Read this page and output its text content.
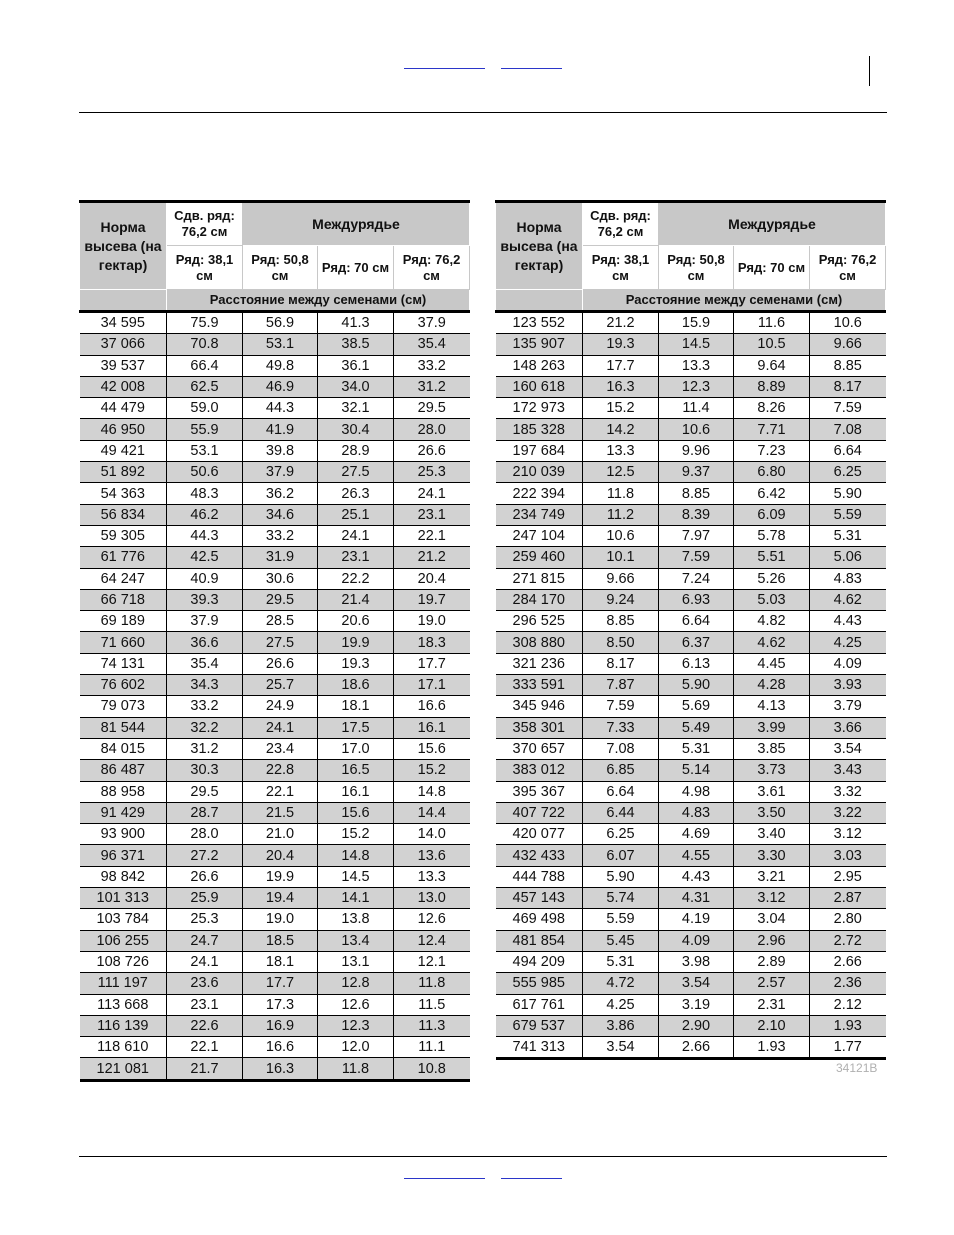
Норма высева (на гектар)	Сдв. ряд: 76,2 см	Междурядье		
	Ряд: 38,1 см	Ряд: 50,8 см	Ряд: 70 см	Ряд: 76,2 см
	Расстояние между семенами (см)			
34 595	75.9	56.9	41.3	37.9
37 066	70.8	53.1	38.5	35.4
39 537	66.4	49.8	36.1	33.2
42 008	62.5	46.9	34.0	31.2
44 479	59.0	44.3	32.1	29.5
46 950	55.9	41.9	30.4	28.0
49 421	53.1	39.8	28.9	26.6
51 892	50.6	37.9	27.5	25.3
54 363	48.3	36.2	26.3	24.1
56 834	46.2	34.6	25.1	23.1
59 305	44.3	33.2	24.1	22.1
61 776	42.5	31.9	23.1	21.2
64 247	40.9	30.6	22.2	20.4
66 718	39.3	29.5	21.4	19.7
69 189	37.9	28.5	20.6	19.0
71 660	36.6	27.5	19.9	18.3
74 131	35.4	26.6	19.3	17.7
76 602	34.3	25.7	18.6	17.1
79 073	33.2	24.9	18.1	16.6
81 544	32.2	24.1	17.5	16.1
84 015	31.2	23.4	17.0	15.6
86 487	30.3	22.8	16.5	15.2
88 958	29.5	22.1	16.1	14.8
91 429	28.7	21.5	15.6	14.4
93 900	28.0	21.0	15.2	14.0
96 371	27.2	20.4	14.8	13.6
98 842	26.6	19.9	14.5	13.3
101 313	25.9	19.4	14.1	13.0
103 784	25.3	19.0	13.8	12.6
106 255	24.7	18.5	13.4	12.4
108 726	24.1	18.1	13.1	12.1
111 197	23.6	17.7	12.8	11.8
113 668	23.1	17.3	12.6	11.5
116 139	22.6	16.9	12.3	11.3
118 610	22.1	16.6	12.0	11.1
121 081	21.7	16.3	11.8	10.8
Норма высева (на гектар)	Сдв. ряд: 76,2 см	Междурядье		
	Ряд: 38,1 см	Ряд: 50,8 см	Ряд: 70 см	Ряд: 76,2 см
	Расстояние между семенами (см)			
123 552	21.2	15.9	11.6	10.6
135 907	19.3	14.5	10.5	9.66
148 263	17.7	13.3	9.64	8.85
160 618	16.3	12.3	8.89	8.17
172 973	15.2	11.4	8.26	7.59
185 328	14.2	10.6	7.71	7.08
197 684	13.3	9.96	7.23	6.64
210 039	12.5	9.37	6.80	6.25
222 394	11.8	8.85	6.42	5.90
234 749	11.2	8.39	6.09	5.59
247 104	10.6	7.97	5.78	5.31
259 460	10.1	7.59	5.51	5.06
271 815	9.66	7.24	5.26	4.83
284 170	9.24	6.93	5.03	4.62
296 525	8.85	6.64	4.82	4.43
308 880	8.50	6.37	4.62	4.25
321 236	8.17	6.13	4.45	4.09
333 591	7.87	5.90	4.28	3.93
345 946	7.59	5.69	4.13	3.79
358 301	7.33	5.49	3.99	3.66
370 657	7.08	5.31	3.85	3.54
383 012	6.85	5.14	3.73	3.43
395 367	6.64	4.98	3.61	3.32
407 722	6.44	4.83	3.50	3.22
420 077	6.25	4.69	3.40	3.12
432 433	6.07	4.55	3.30	3.03
444 788	5.90	4.43	3.21	2.95
457 143	5.74	4.31	3.12	2.87
469 498	5.59	4.19	3.04	2.80
481 854	5.45	4.09	2.96	2.72
494 209	5.31	3.98	2.89	2.66
555 985	4.72	3.54	2.57	2.36
617 761	4.25	3.19	2.31	2.12
679 537	3.86	2.90	2.10	1.93
741 313	3.54	2.66	1.93	1.77
34121B
